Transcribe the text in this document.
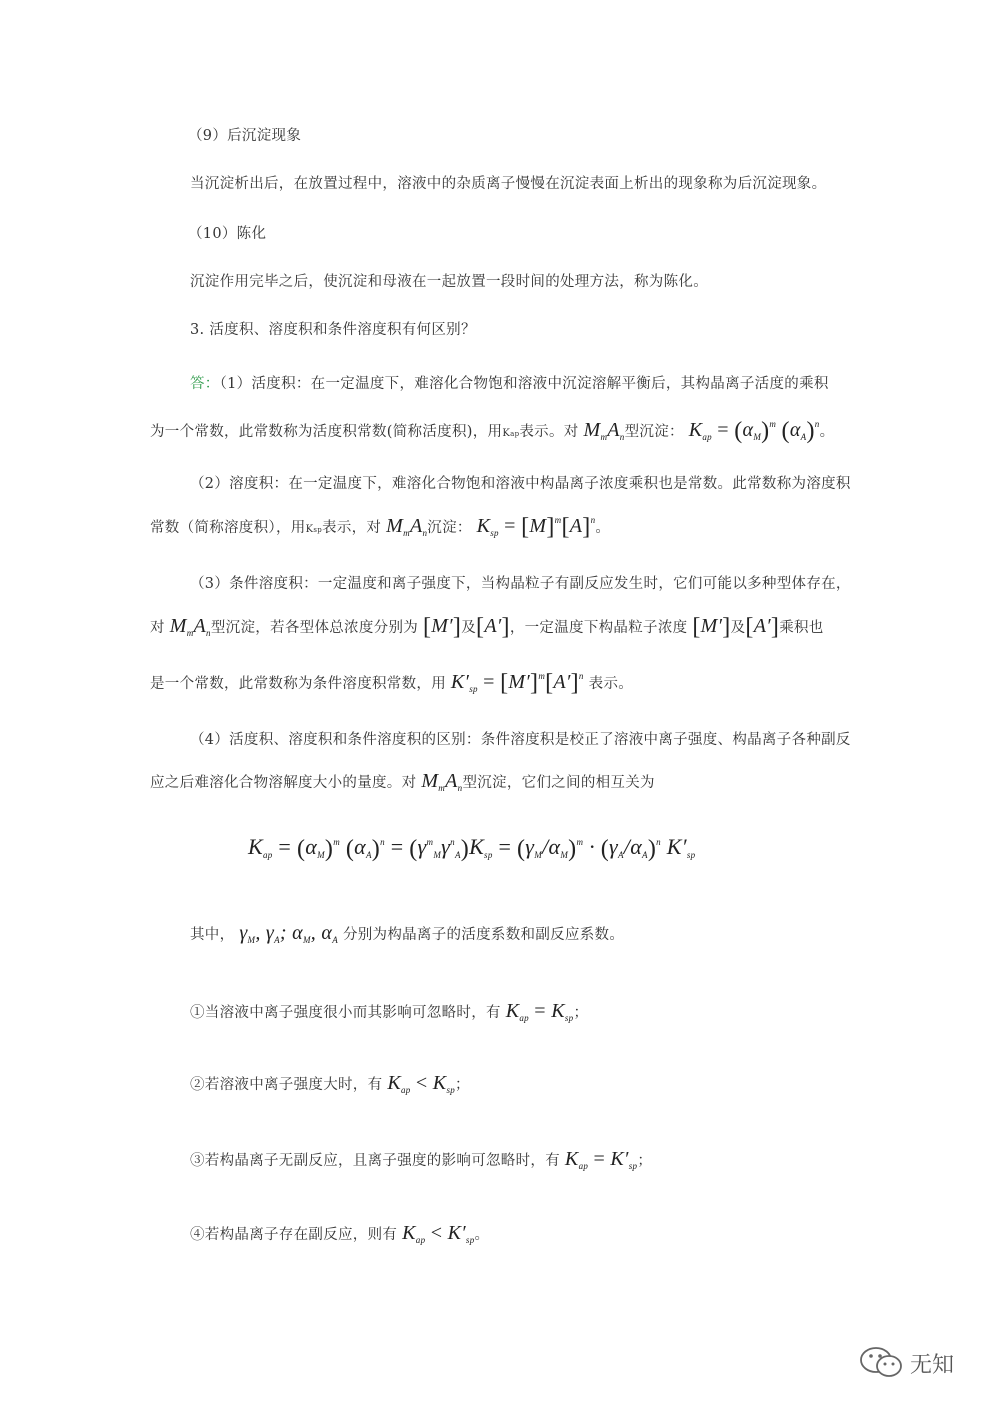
（9）后沉淀现象
当沉淀析出后，在放置过程中，溶液中的杂质离子慢慢在沉淀表面上析出的现象称为后沉淀现象。
（10）陈化
沉淀作用完毕之后，使沉淀和母液在一起放置一段时间的处理方法，称为陈化。
3. 活度积、溶度积和条件溶度积有何区别？
答：（1）活度积：在一定温度下，难溶化合物饱和溶液中沉淀溶解平衡后，其构晶离子活度的乘积
为一个常数，此常数称为活度积常数(简称活度积)，用Kap表示。对 $M_mA_n$型沉淀： $K_{ap} = (\alpha_M)^m$ $(\alpha_A)^n$。
（2）溶度积：在一定温度下，难溶化合物饱和溶液中构晶离子浓度乘积也是常数。此常数称为溶度积
常数（简称溶度积），用Ksp表示，对 $M_mA_n$沉淀： $K_{sp} = [M]^m[A]^n$。
（3）条件溶度积：一定温度和离子强度下，当构晶粒子有副反应发生时，它们可能以多种型体存在，
对 $M_mA_n$型沉淀，若各型体总浓度分别为 [M′]及[A′]，一定温度下构晶粒子浓度 [M′]及[A′]乘积也
是一个常数，此常数称为条件溶度积常数，用 $K'_{sp} = [M']^m[A']^n$ 表示。
（4）活度积、溶度积和条件溶度积的区别：条件溶度积是校正了溶液中离子强度、构晶离子各种副反
应之后难溶化合物溶解度大小的量度。对 $M_mA_n$型沉淀，它们之间的相互关为
$K_{ap} = (\alpha_M)^m$ $(\alpha_A)^n = (\gamma^m_M\gamma^n_A)K_{sp} = (\gamma_M/\alpha_M)^m \cdot (\gamma_A/\alpha_A)^n$ $K'_{sp}$
其中， $\gamma_M$, $\gamma_A$; $\alpha_M$, $\alpha_A$ 分别为构晶离子的活度系数和副反应系数。
①当溶液中离子强度很小而其影响可忽略时，有 $K_{ap} = K_{sp}$；
②若溶液中离子强度大时，有 $K_{ap} < K_{sp}$；
③若构晶离子无副反应，且离子强度的影响可忽略时，有 $K_{ap} = K'_{sp}$；
④若构晶离子存在副反应，则有 $K_{ap} < K'_{sp}$。
无知
